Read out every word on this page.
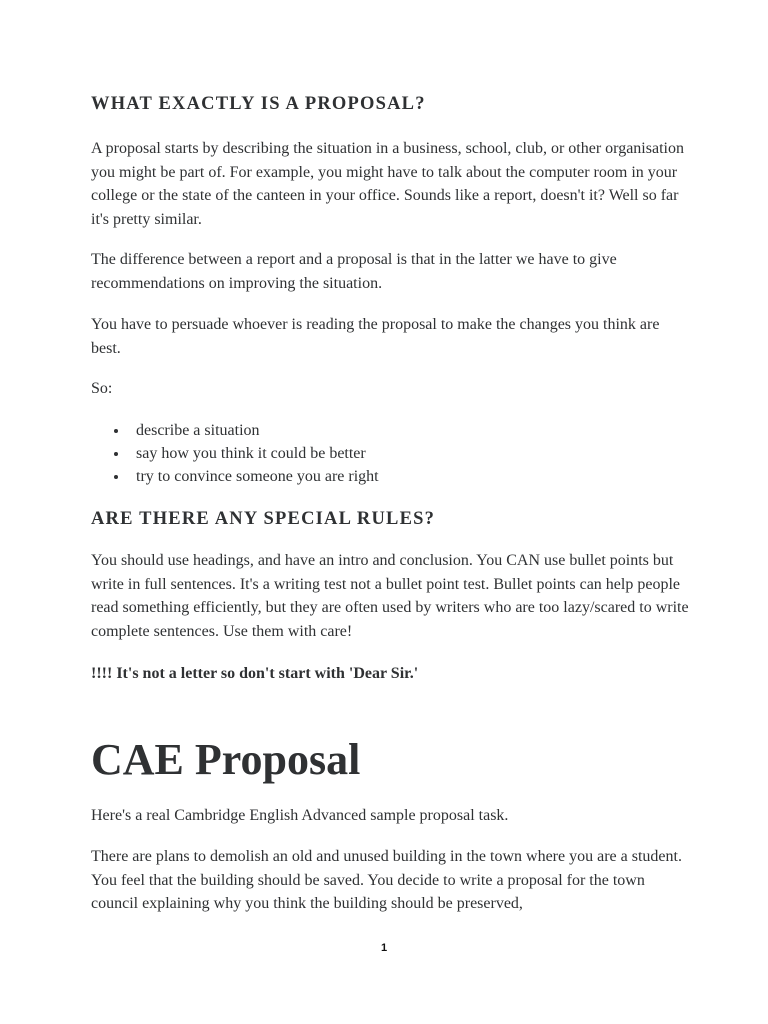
WHAT EXACTLY IS A PROPOSAL?

A proposal starts by describing the situation in a business, school, club, or other organisation you might be part of. For example, you might have to talk about the computer room in your college or the state of the canteen in your office. Sounds like a report, doesn't it? Well so far it's pretty similar.

The difference between a report and a proposal is that in the latter we have to give recommendations on improving the situation.

You have to persuade whoever is reading the proposal to make the changes you think are best.

So:

describe a situation
say how you think it could be better
try to convince someone you are right
ARE THERE ANY SPECIAL RULES?

You should use headings, and have an intro and conclusion. You CAN use bullet points but write in full sentences. It's a writing test not a bullet point test. Bullet points can help people read something efficiently, but they are often used by writers who are too lazy/scared to write complete sentences. Use them with care!

!!!! It's not a letter so don't start with 'Dear Sir.'

CAE Proposal

Here's a real Cambridge English Advanced sample proposal task.

There are plans to demolish an old and unused building in the town where you are a student. You feel that the building should be saved. You decide to write a proposal for the town council explaining why you think the building should be preserved,

1
